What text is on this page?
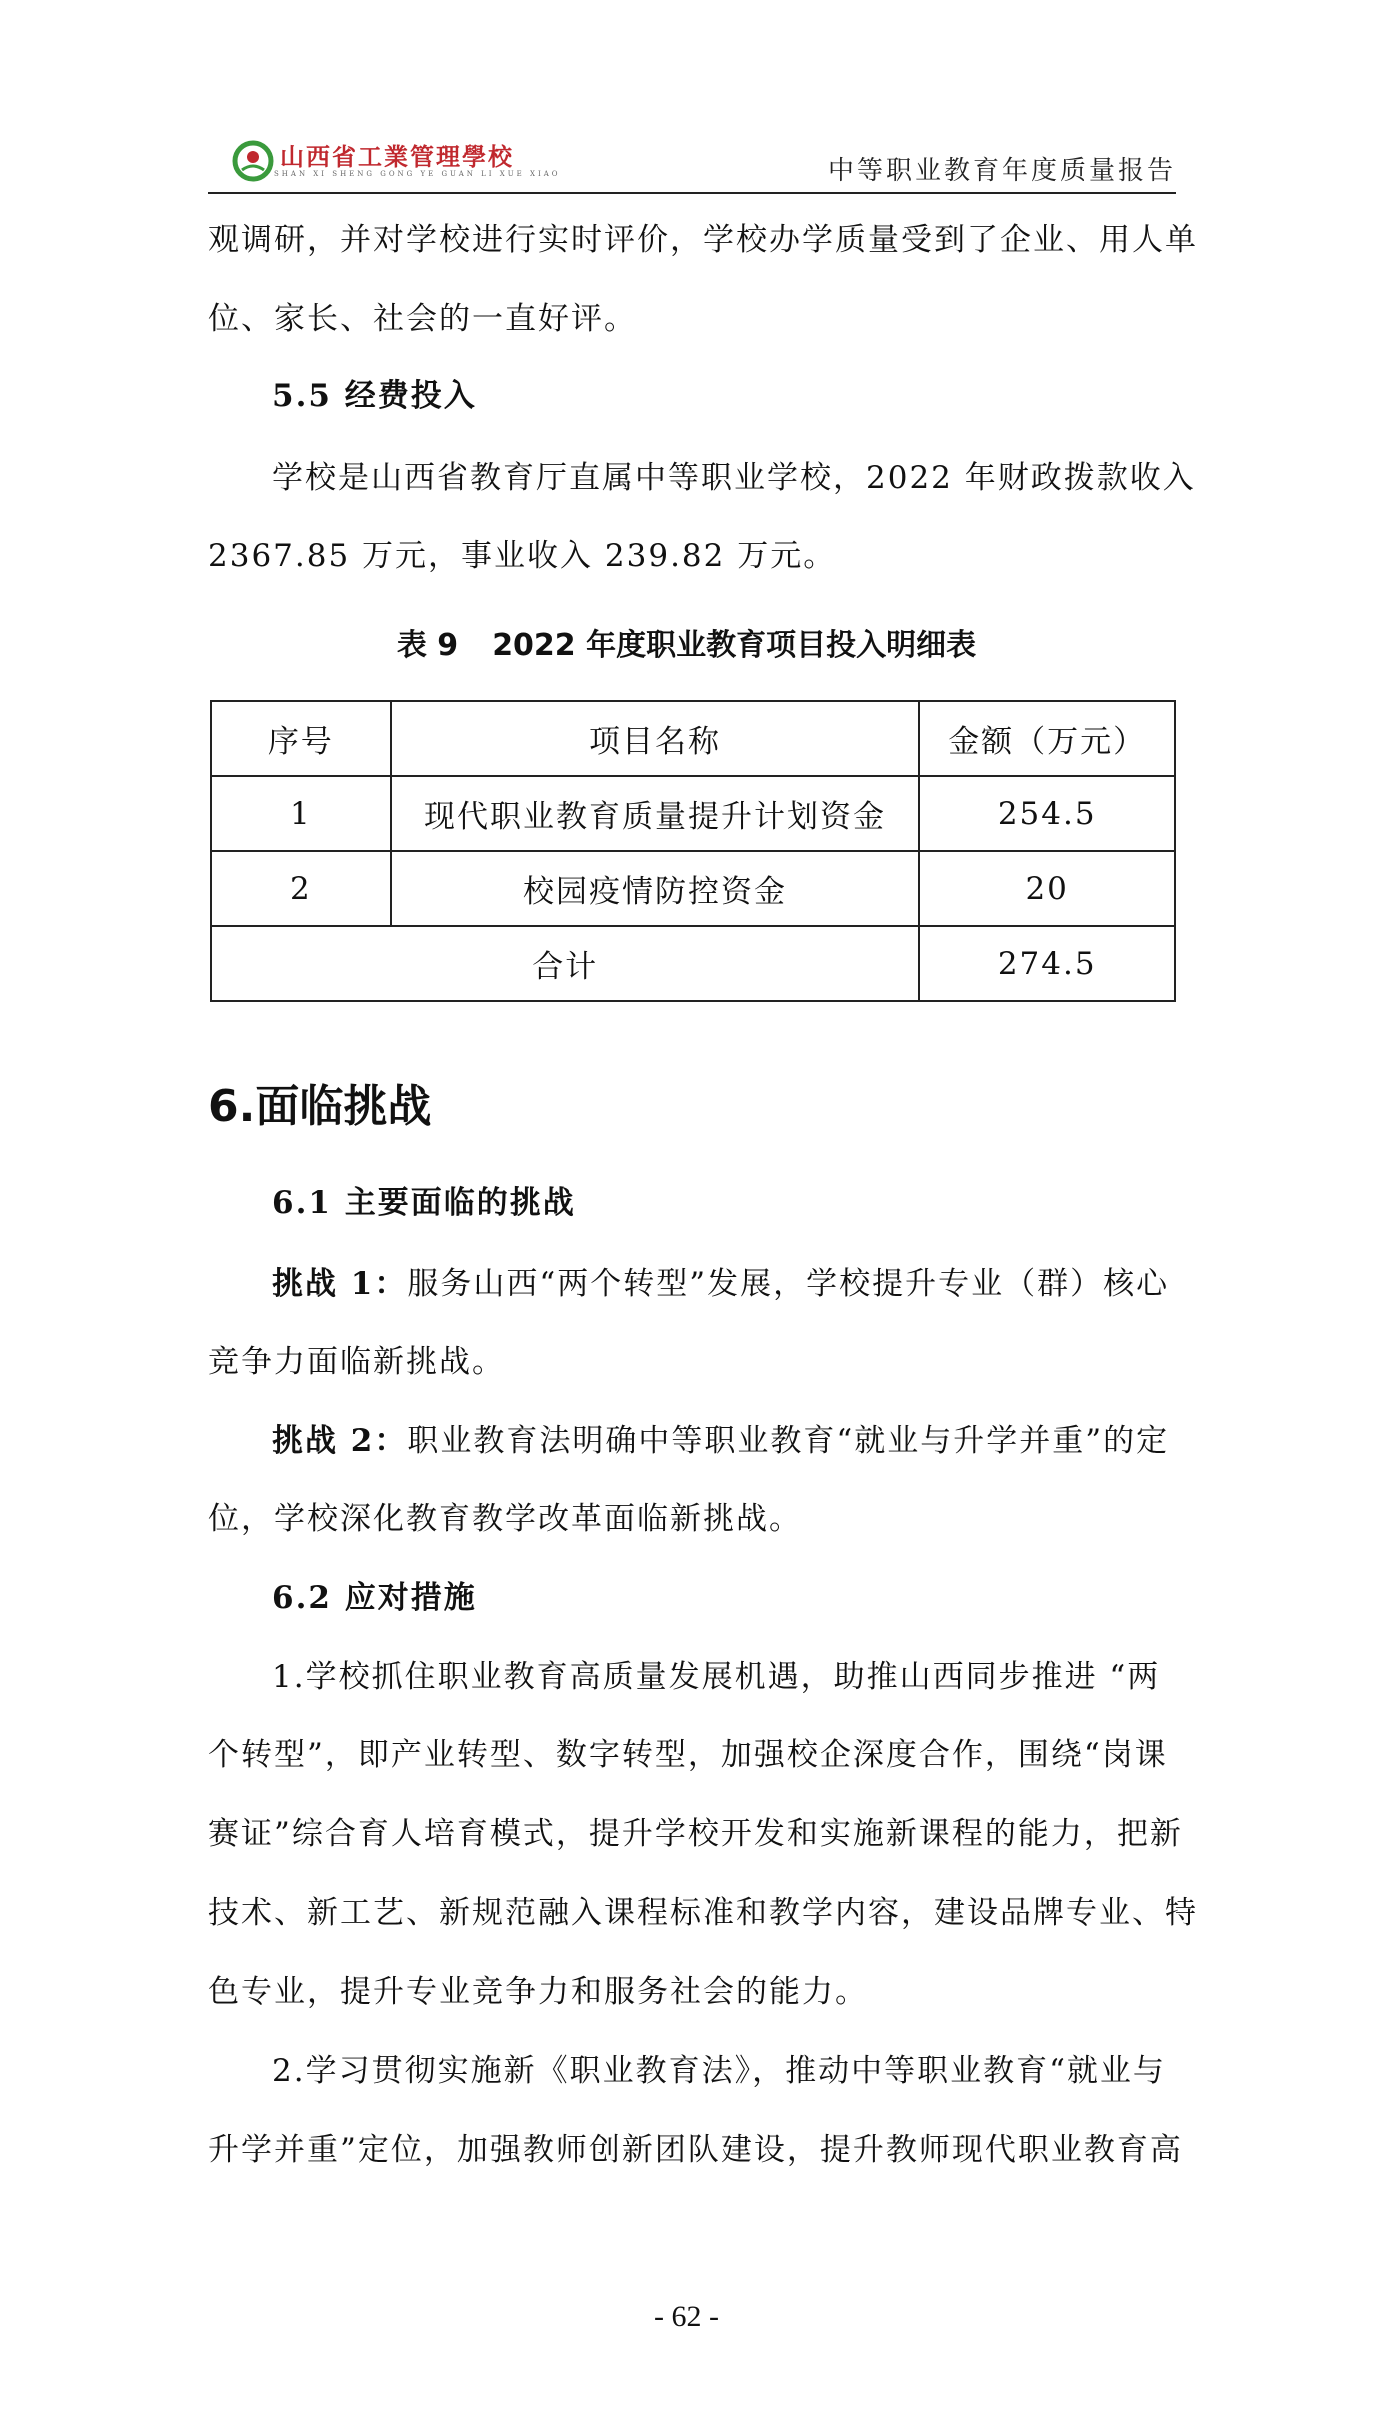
山西省工業管理學校
SHAN XI SHENG GONG YE GUAN LI XUE XIAO	中等职业教育年度质量报告
观调研，并对学校进行实时评价，学校办学质量受到了企业、用人单
位、家长、社会的一直好评。
5.5 经费投入
学校是山西省教育厅直属中等职业学校，2022 年财政拨款收入
2367.85 万元，事业收入 239.82 万元。
表 9 2022 年度职业教育项目投入明细表
序号	项目名称	金额（万元）
1	现代职业教育质量提升计划资金	254.5
2	校园疫情防控资金	20
合计		274.5
6.面临挑战
6.1 主要面临的挑战
挑战 1：服务山西“两个转型”发展，学校提升专业（群）核心
竞争力面临新挑战。
挑战 2：职业教育法明确中等职业教育“就业与升学并重”的定
位，学校深化教育教学改革面临新挑战。
6.2 应对措施
1.学校抓住职业教育高质量发展机遇，助推山西同步推进 “两
个转型”，即产业转型、数字转型，加强校企深度合作，围绕“岗课
赛证”综合育人培育模式，提升学校开发和实施新课程的能力，把新
技术、新工艺、新规范融入课程标准和教学内容，建设品牌专业、特
色专业，提升专业竞争力和服务社会的能力。
2.学习贯彻实施新《职业教育法》，推动中等职业教育“就业与
升学并重”定位，加强教师创新团队建设，提升教师现代职业教育高
- 62 -
